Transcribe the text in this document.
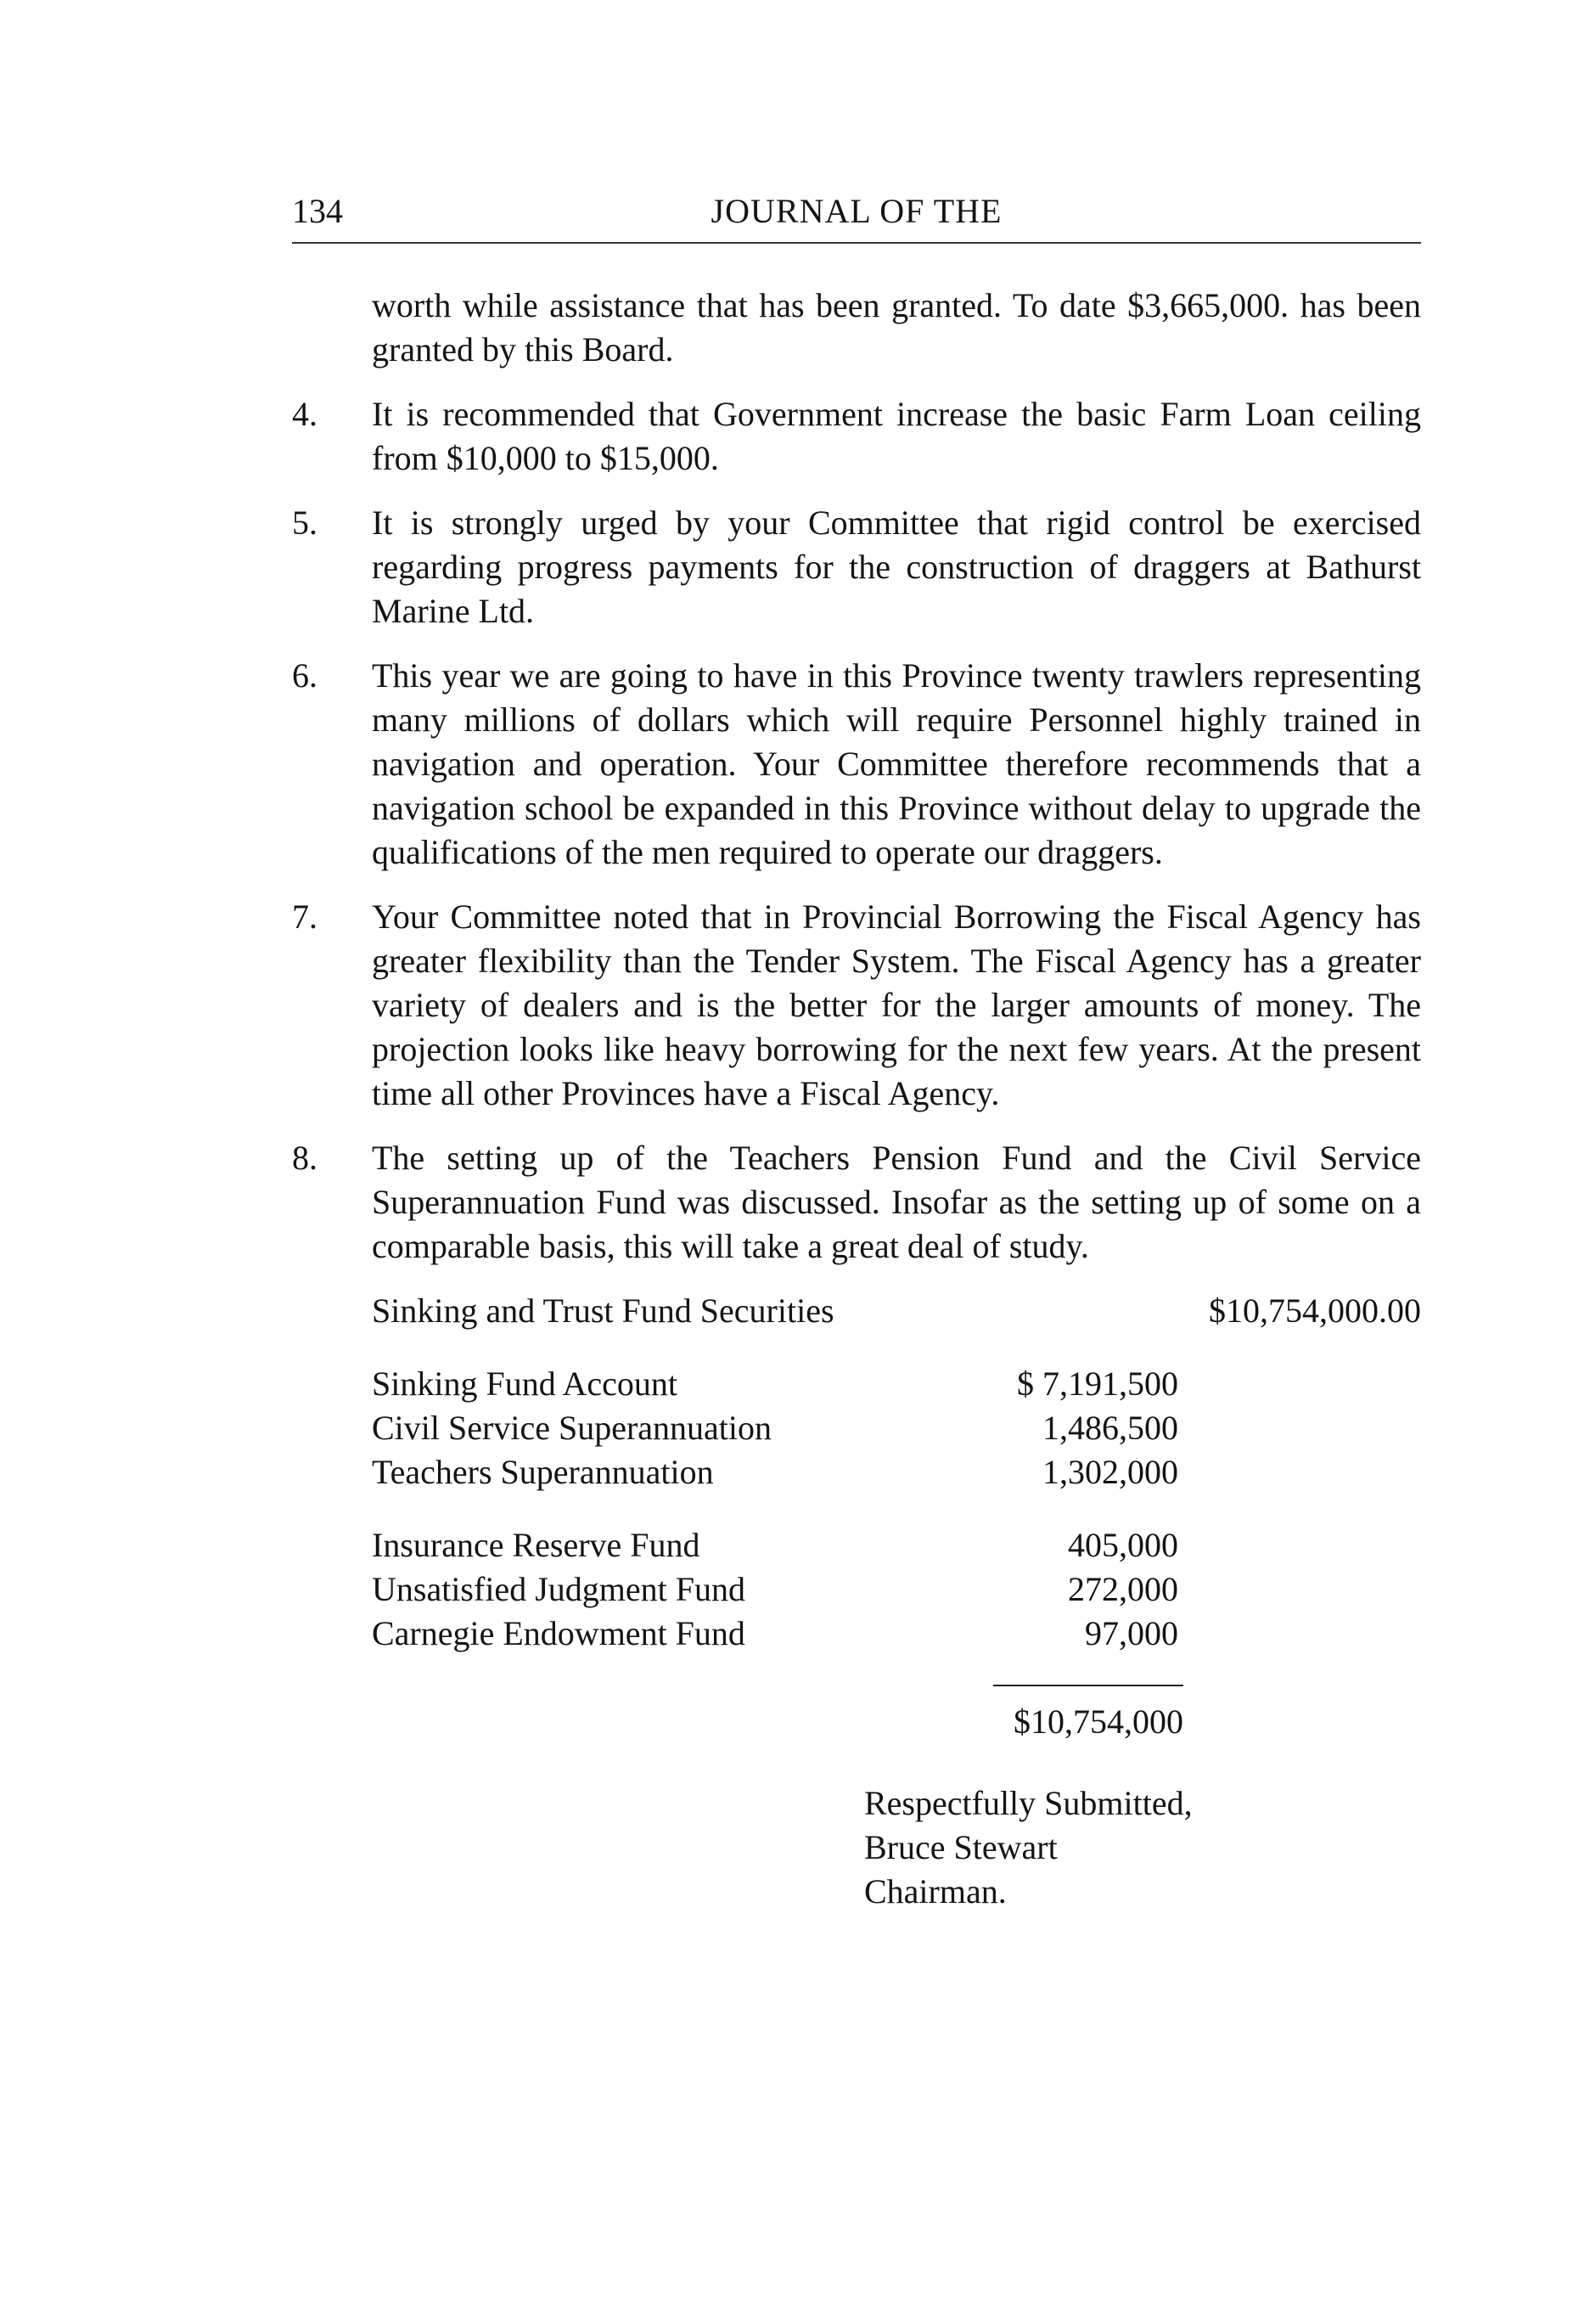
134	JOURNAL OF THE

worth while assistance that has been granted. To date $3,665,000. has been granted by this Board.

4.	It is recommended that Government increase the basic Farm Loan ceiling from $10,000 to $15,000.
5.	It is strongly urged by your Committee that rigid control be exercised regarding progress payments for the construction of draggers at Bathurst Marine Ltd.
6.	This year we are going to have in this Province twenty trawlers representing many millions of dollars which will require Personnel highly trained in navigation and operation. Your Committee therefore recommends that a navigation school be expanded in this Province without delay to upgrade the qualifications of the men required to operate our draggers.
7.	Your Committee noted that in Provincial Borrowing the Fiscal Agency has greater flexibility than the Tender System. The Fiscal Agency has a greater variety of dealers and is the better for the larger amounts of money. The projection looks like heavy borrowing for the next few years. At the present time all other Provinces have a Fiscal Agency.
8.	The setting up of the Teachers Pension Fund and the Civil Service Superannuation Fund was discussed. Insofar as the setting up of some on a comparable basis, this will take a great deal of study.
Sinking and Trust Fund Securities	$10,754,000.00
Sinking Fund Account	$ 7,191,500
Civil Service Superannuation	1,486,500
Teachers Superannuation	1,302,000
Insurance Reserve Fund	405,000
Unsatisfied Judgment Fund	272,000
Carnegie Endowment Fund	97,000
$10,754,000
Respectfully Submitted,
Bruce Stewart
Chairman.
